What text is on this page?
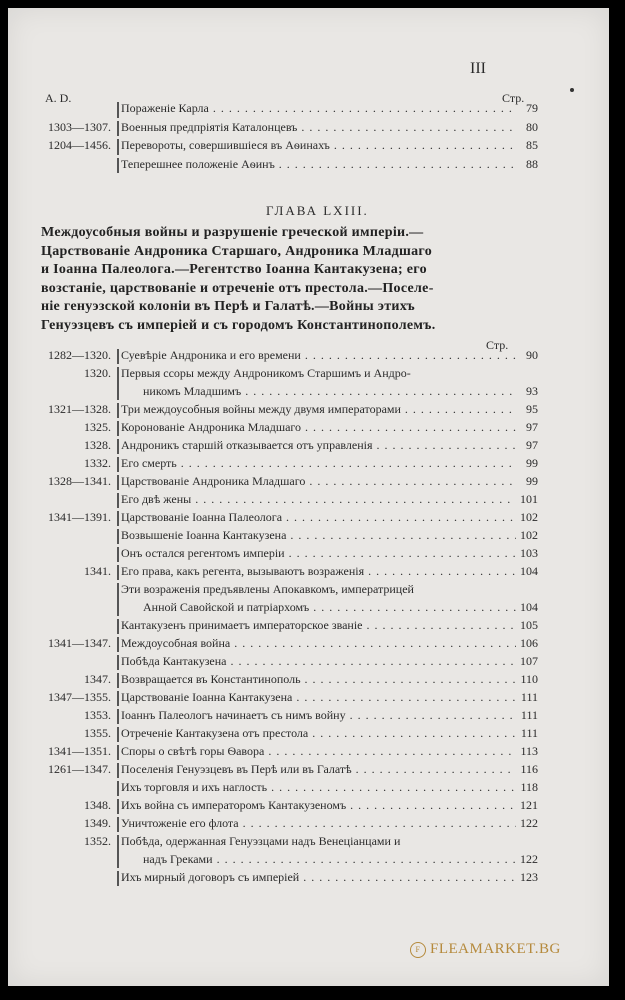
III
A. D.	Стр.
Пораженіе Карла . . .	79
1303—1307. Военныя предпріятія Каталонцевъ . . .	80
1204—1456. Перевороты, совершившіеся въ Аѳинахъ . . .	85
Теперешнее положеніе Аѳинъ . . .	88
ГЛАВА LXIII.
Междоусобныя войны и разрушеніе греческой имперіи.—
Царствованіе Андроника Старшаго, Андроника Младшаго
и Іоанна Палеолога.—Регентство Іоанна Кантакузена; его
возстаніе, царствованіе и отреченіе отъ престола.—Поселе-
ніе генуэзской колоніи въ Перѣ и Галатѣ.—Войны этихъ
Генуэзцевъ съ имперіей и съ городомъ Константинополемъ.
Стр.
1282—1320. Суевѣріе Андроника и его времени . . .	90
1320. Первыя ссоры между Андроникомъ Старшимъ и Андро-
никомъ Младшимъ . . .	93
1321—1328. Три междоусобныя войны между двумя императорами . . .	95
1325. Коронованіе Андроника Младшаго . . .	97
1328. Андроникъ старшій отказывается отъ управленія . . .	97
1332. Его смерть . . .	99
1328—1341. Царствованіе Андроника Младшаго . . .	99
Его двѣ жены . . .	101
1341—1391. Царствованіе Іоанна Палеолога . . .	102
Возвышеніе Іоанна Кантакузена . . .	102
Онъ остался регентомъ имперіи . . .	103
1341. Его права, какъ регента, вызываютъ возраженія . . .	104
Эти возраженія предъявлены Апокавкомъ, императрицей
Анной Савойской и патріархомъ . . .	104
Кантакузенъ принимаетъ императорское званіе . . .	105
1341—1347. Междоусобная война . . .	106
Побѣда Кантакузена . . .	107
1347. Возвращается въ Константинополь . . .	110
1347—1355. Царствованіе Іоанна Кантакузена . . .	111
1353. Іоаннъ Палеологъ начинаетъ съ нимъ войну . . .	111
1355. Отреченіе Кантакузена отъ престола . . .	111
1341—1351. Споры о свѣтѣ горы Ѳавора . . .	113
1261—1347. Поселенія Генуэзцевъ въ Перѣ или въ Галатѣ . . .	116
Ихъ торговля и ихъ наглость . . .	118
1348. Ихъ война съ императоромъ Кантакузеномъ . . .	121
1349. Уничтоженіе его флота . . .	122
1352. Побѣда, одержанная Генуэзцами надъ Венеціанцами и
надъ Греками . . .	122
Ихъ мирный договоръ съ имперіей . . .	123
F FLEAMARKET.BG
